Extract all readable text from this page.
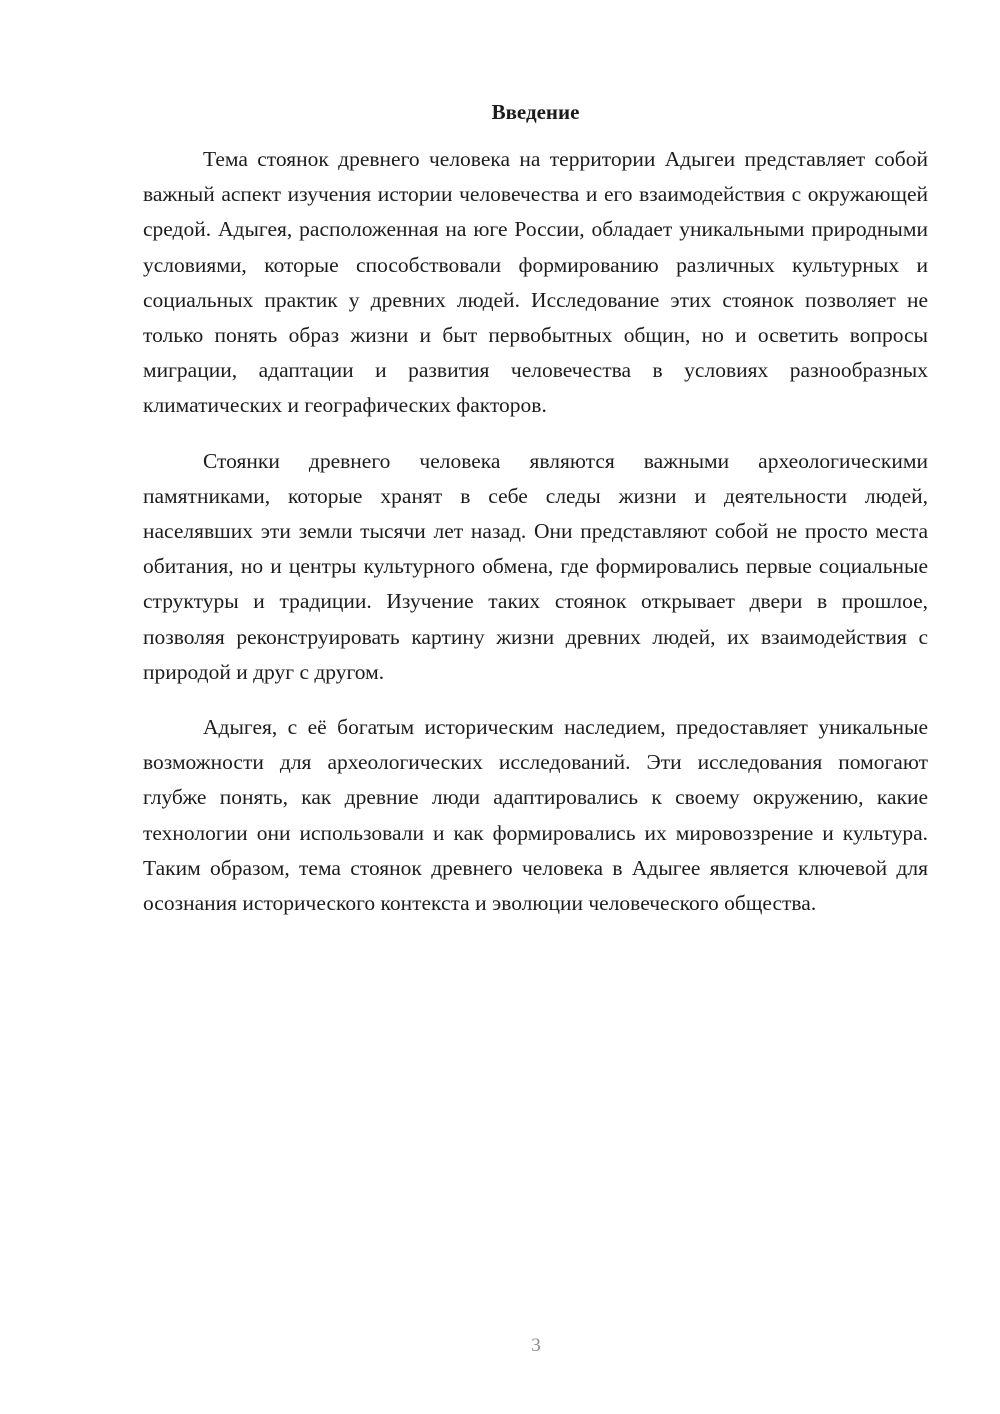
Введение

Тема стоянок древнего человека на территории Адыгеи представляет собой важный аспект изучения истории человечества и его взаимодействия с окружающей средой. Адыгея, расположенная на юге России, обладает уникальными природными условиями, которые способствовали формированию различных культурных и социальных практик у древних людей. Исследование этих стоянок позволяет не только понять образ жизни и быт первобытных общин, но и осветить вопросы миграции, адаптации и развития человечества в условиях разнообразных климатических и географических факторов.

Стоянки древнего человека являются важными археологическими памятниками, которые хранят в себе следы жизни и деятельности людей, населявших эти земли тысячи лет назад. Они представляют собой не просто места обитания, но и центры культурного обмена, где формировались первые социальные структуры и традиции. Изучение таких стоянок открывает двери в прошлое, позволяя реконструировать картину жизни древних людей, их взаимодействия с природой и друг с другом.

Адыгея, с её богатым историческим наследием, предоставляет уникальные возможности для археологических исследований. Эти исследования помогают глубже понять, как древние люди адаптировались к своему окружению, какие технологии они использовали и как формировались их мировоззрение и культура. Таким образом, тема стоянок древнего человека в Адыгее является ключевой для осознания исторического контекста и эволюции человеческого общества.

3
